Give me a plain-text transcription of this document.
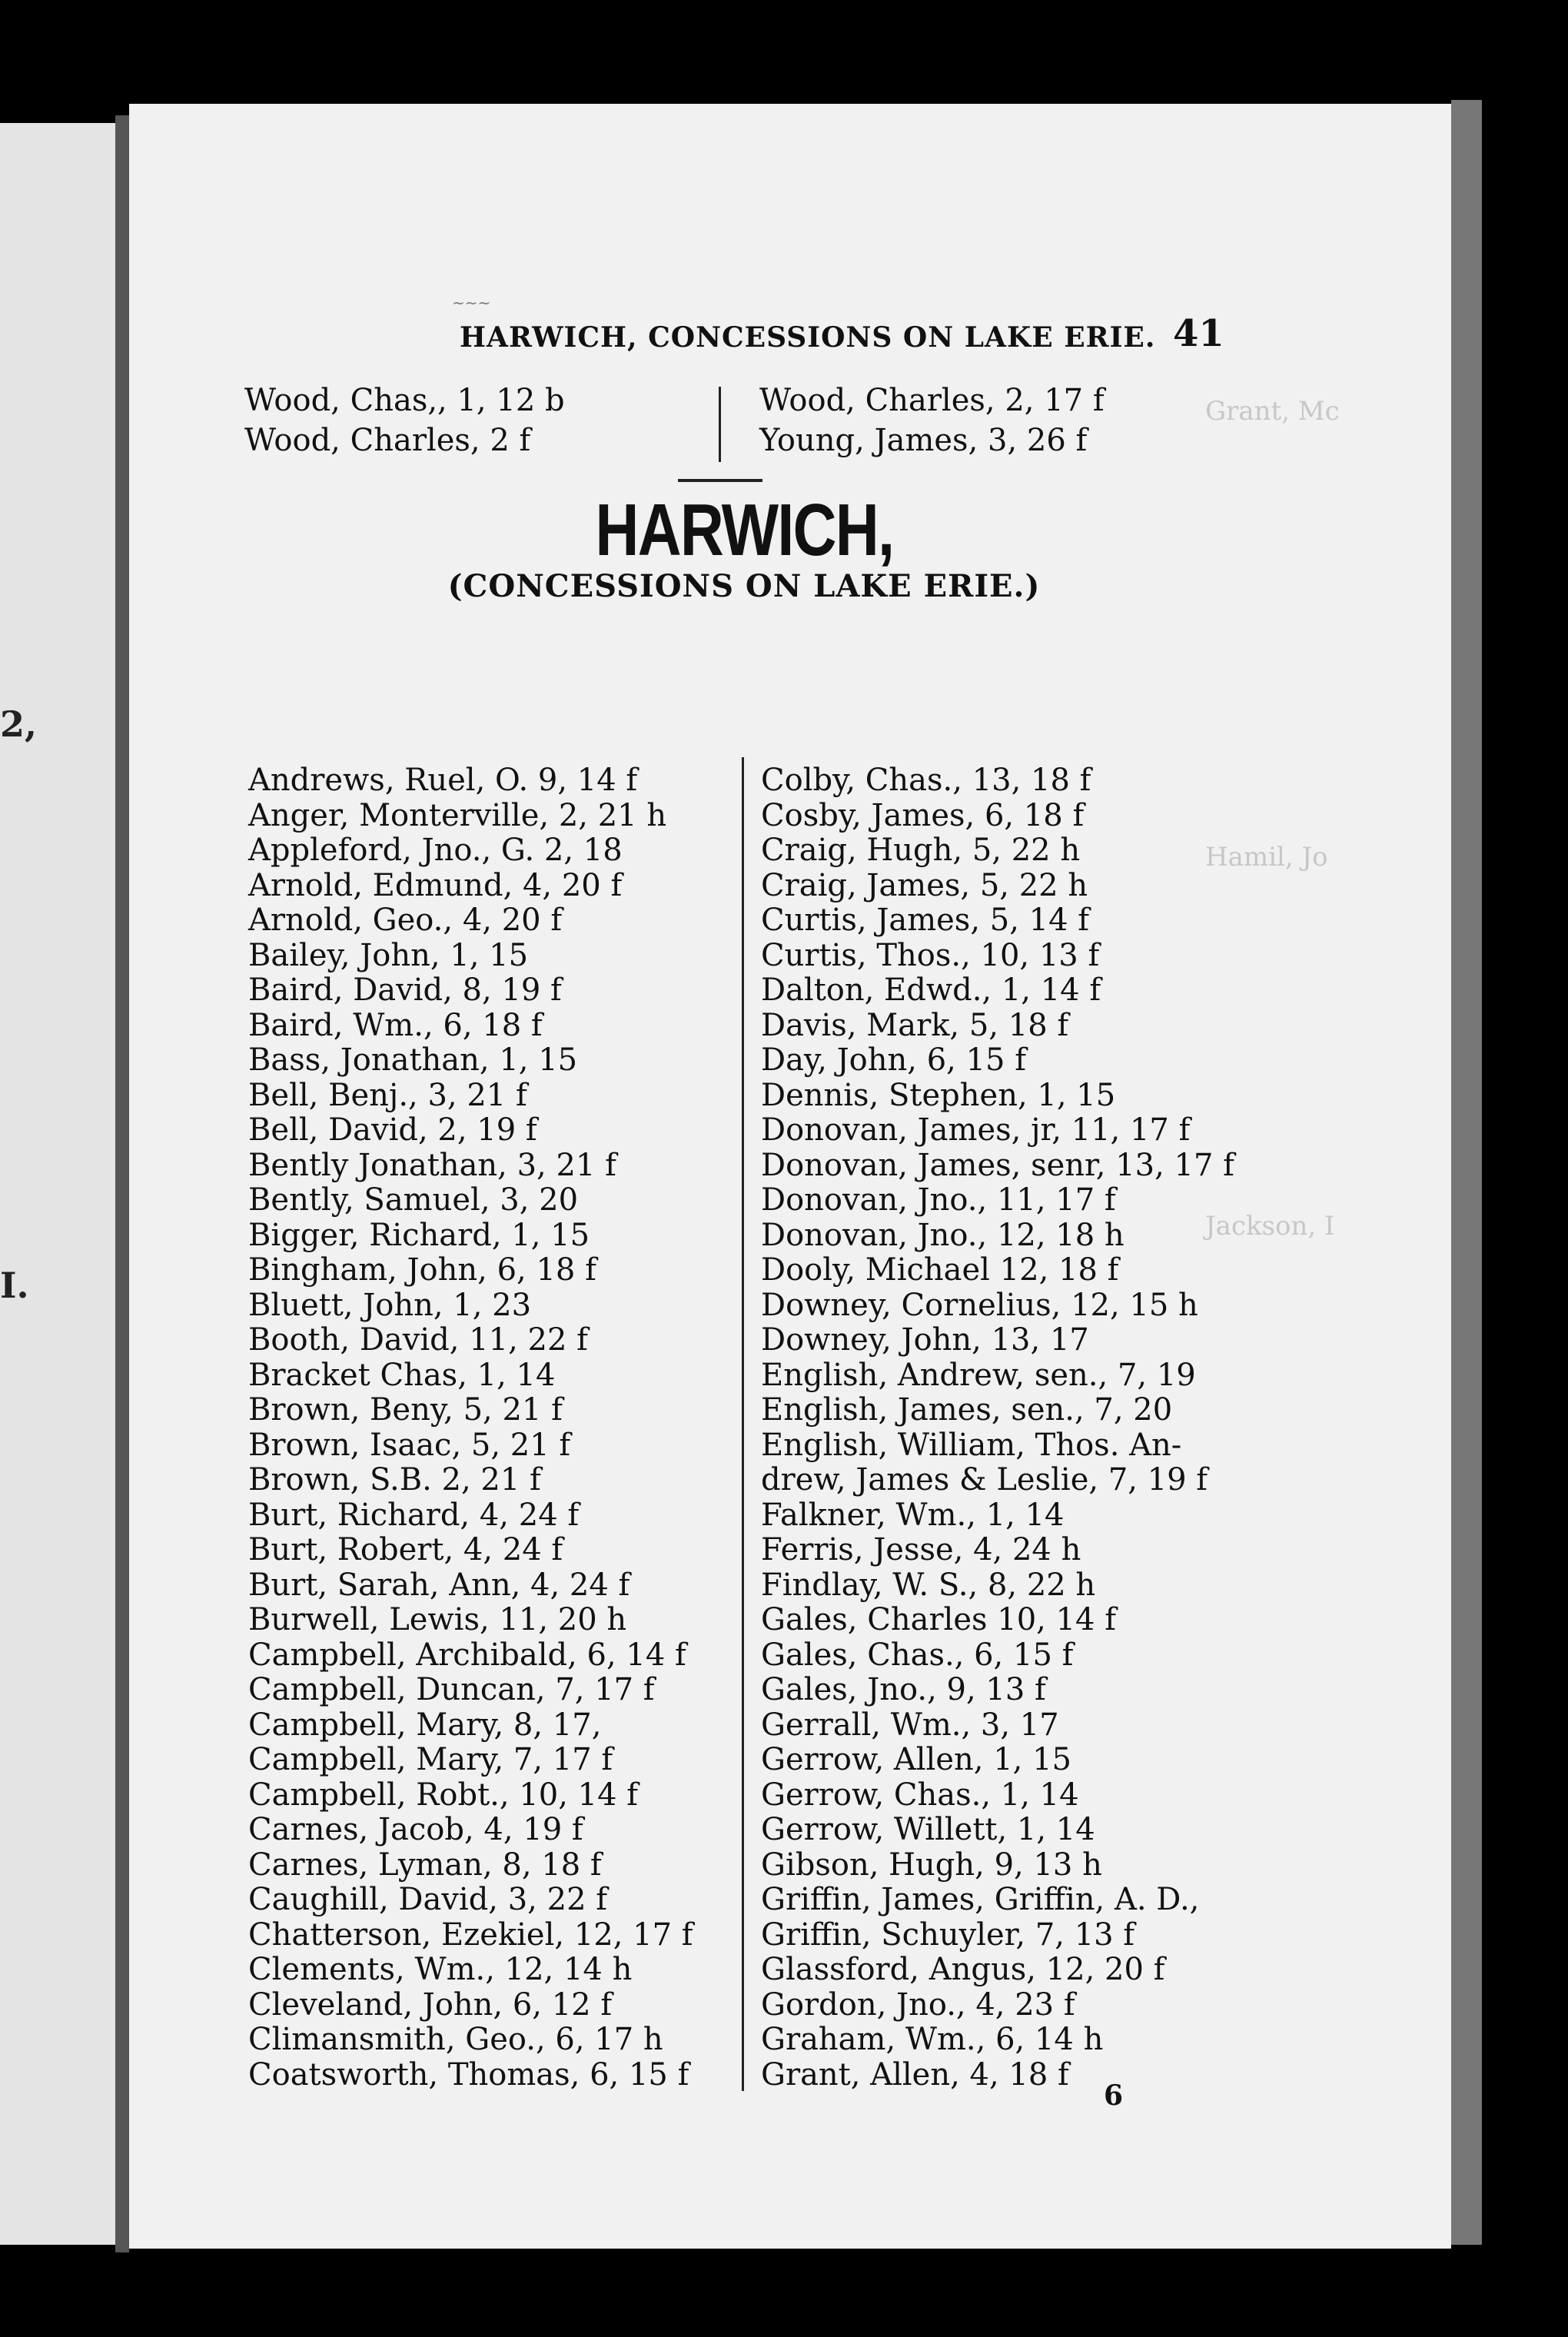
2,
I.
~~~
HARWICH, CONCESSIONS ON LAKE ERIE. 41
Wood, Chas,, 1, 12 b
Wood, Charles, 2 f
Wood, Charles, 2, 17 f
Young, James, 3, 26 f
HARWICH,
(CONCESSIONS ON LAKE ERIE.)
Andrews, Ruel, O. 9, 14 f
Anger, Monterville, 2, 21 h
Appleford, Jno., G. 2, 18
Arnold, Edmund, 4, 20 f
Arnold, Geo., 4, 20 f
Bailey, John, 1, 15
Baird, David, 8, 19 f
Baird, Wm., 6, 18 f
Bass, Jonathan, 1, 15
Bell, Benj., 3, 21 f
Bell, David, 2, 19 f
Bently Jonathan, 3, 21 f
Bently, Samuel, 3, 20
Bigger, Richard, 1, 15
Bingham, John, 6, 18 f
Bluett, John, 1, 23
Booth, David, 11, 22 f
Bracket Chas, 1, 14
Brown, Beny, 5, 21 f
Brown, Isaac, 5, 21 f
Brown, S.B. 2, 21 f
Burt, Richard, 4, 24 f
Burt, Robert, 4, 24 f
Burt, Sarah, Ann, 4, 24 f
Burwell, Lewis, 11, 20 h
Campbell, Archibald, 6, 14 f
Campbell, Duncan, 7, 17 f
Campbell, Mary, 8, 17,
Campbell, Mary, 7, 17 f
Campbell, Robt., 10, 14 f
Carnes, Jacob, 4, 19 f
Carnes, Lyman, 8, 18 f
Caughill, David, 3, 22 f
Chatterson, Ezekiel, 12, 17 f
Clements, Wm., 12, 14 h
Cleveland, John, 6, 12 f
Climansmith, Geo., 6, 17 h
Coatsworth, Thomas, 6, 15 f
Colby, Chas., 13, 18 f
Cosby, James, 6, 18 f
Craig, Hugh, 5, 22 h
Craig, James, 5, 22 h
Curtis, James, 5, 14 f
Curtis, Thos., 10, 13 f
Dalton, Edwd., 1, 14 f
Davis, Mark, 5, 18 f
Day, John, 6, 15 f
Dennis, Stephen, 1, 15
Donovan, James, jr, 11, 17 f
Donovan, James, senr, 13, 17 f
Donovan, Jno., 11, 17 f
Donovan, Jno., 12, 18 h
Dooly, Michael 12, 18 f
Downey, Cornelius, 12, 15 h
Downey, John, 13, 17
English, Andrew, sen., 7, 19
English, James, sen., 7, 20
English, William, Thos. An-
drew, James & Leslie, 7, 19 f
Falkner, Wm., 1, 14
Ferris, Jesse, 4, 24 h
Findlay, W. S., 8, 22 h
Gales, Charles 10, 14 f
Gales, Chas., 6, 15 f
Gales, Jno., 9, 13 f
Gerrall, Wm., 3, 17
Gerrow, Allen, 1, 15
Gerrow, Chas., 1, 14
Gerrow, Willett, 1, 14
Gibson, Hugh, 9, 13 h
Griffin, James, Griffin, A. D.,
Griffin, Schuyler, 7, 13 f
Glassford, Angus, 12, 20 f
Gordon, Jno., 4, 23 f
Graham, Wm., 6, 14 h
Grant, Allen, 4, 18 f
6
Grant, Mc
Hamil, Jo
Jackson, I
